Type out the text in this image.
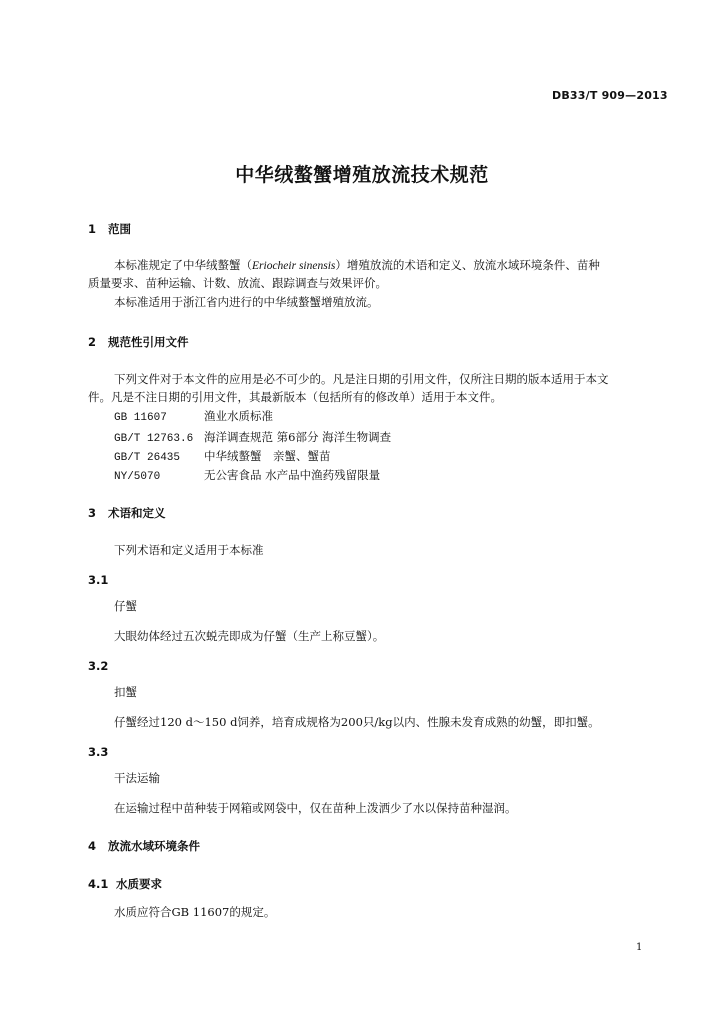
DB33/T 909—2013
中华绒螯蟹增殖放流技术规范
1 范围
本标准规定了中华绒螯蟹（Eriocheir sinensis）增殖放流的术语和定义、放流水域环境条件、苗种
质量要求、苗种运输、计数、放流、跟踪调查与效果评价。
本标准适用于浙江省内进行的中华绒螯蟹增殖放流。
2 规范性引用文件
下列文件对于本文件的应用是必不可少的。凡是注日期的引用文件，仅所注日期的版本适用于本文
件。凡是不注日期的引用文件，其最新版本（包括所有的修改单）适用于本文件。
GB 11607	渔业水质标准
GB/T 12763.6 海洋调查规范 第6部分 海洋生物调查
GB/T 26435 中华绒螯蟹　亲蟹、蟹苗
NY/5070	无公害食品 水产品中渔药残留限量
3 术语和定义
下列术语和定义适用于本标准
3.1
仔蟹
大眼幼体经过五次蜕壳即成为仔蟹（生产上称豆蟹）。
3.2
扣蟹
仔蟹经过120 d～150 d饲养，培育成规格为200只/kg以内、性腺未发育成熟的幼蟹，即扣蟹。
3.3
干法运输
在运输过程中苗种装于网箱或网袋中，仅在苗种上泼洒少了水以保持苗种湿润。
4 放流水域环境条件
4.1 水质要求
水质应符合GB 11607的规定。
1
